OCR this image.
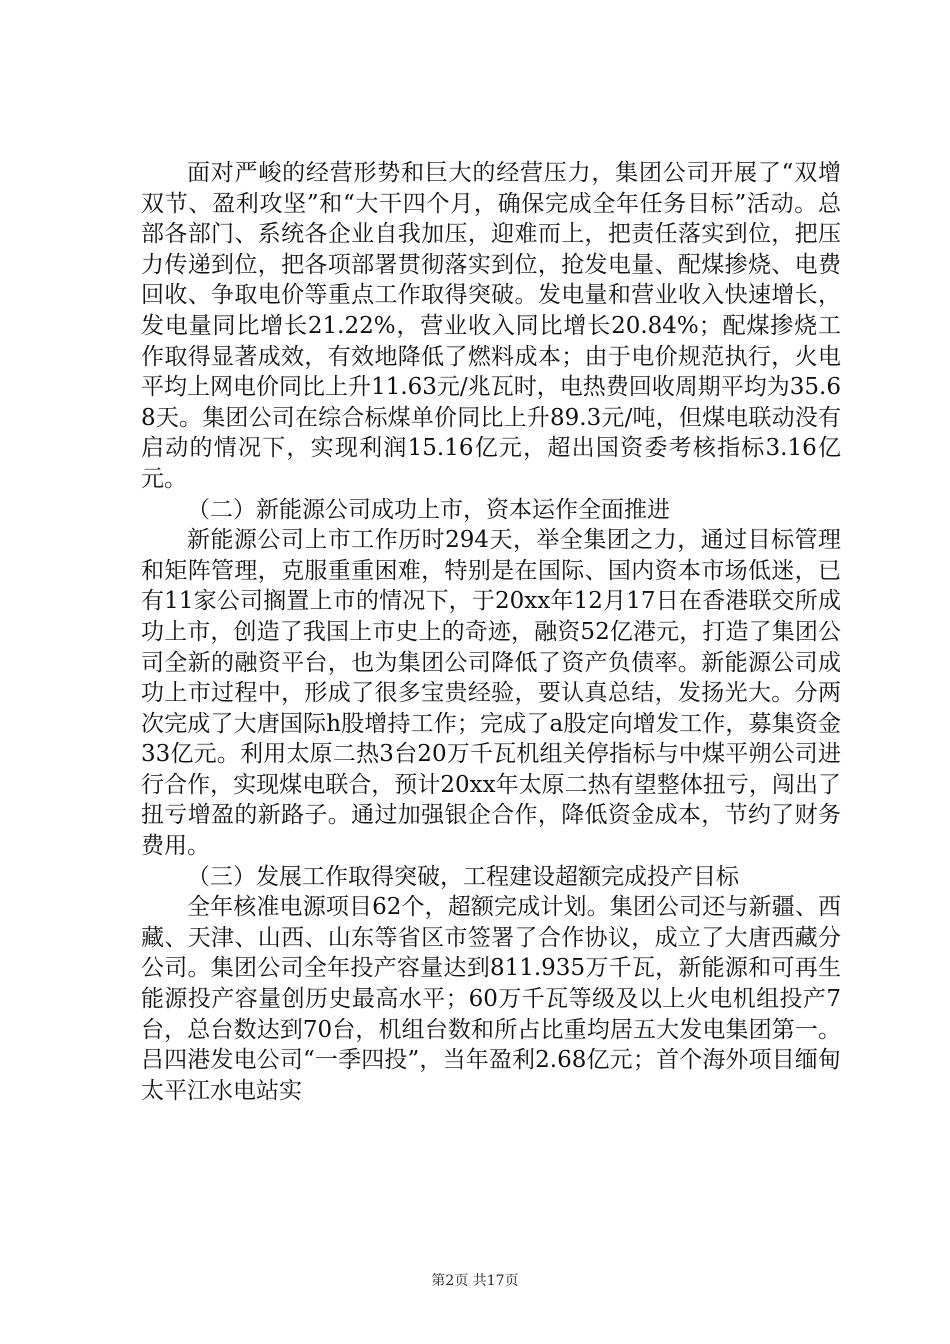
面对严峻的经营形势和巨大的经营压力，集团公司开展了“双增双节、盈利攻坚”和“大干四个月，确保完成全年任务目标”活动。总部各部门、系统各企业自我加压，迎难而上，把责任落实到位，把压力传递到位，把各项部署贯彻落实到位，抢发电量、配煤掺烧、电费回收、争取电价等重点工作取得突破。发电量和营业收入快速增长，发电量同比增长21.22%，营业收入同比增长20.84%；配煤掺烧工作取得显著成效，有效地降低了燃料成本；由于电价规范执行，火电平均上网电价同比上升11.63元/兆瓦时，电热费回收周期平均为35.68天。集团公司在综合标煤单价同比上升89.3元/吨，但煤电联动没有启动的情况下，实现利润15.16亿元，超出国资委考核指标3.16亿元。

（二）新能源公司成功上市，资本运作全面推进

新能源公司上市工作历时294天，举全集团之力，通过目标管理和矩阵管理，克服重重困难，特别是在国际、国内资本市场低迷，已有11家公司搁置上市的情况下，于20xx年12月17日在香港联交所成功上市，创造了我国上市史上的奇迹，融资52亿港元，打造了集团公司全新的融资平台，也为集团公司降低了资产负债率。新能源公司成功上市过程中，形成了很多宝贵经验，要认真总结，发扬光大。分两次完成了大唐国际h股增持工作；完成了a股定向增发工作，募集资金33亿元。利用太原二热3台20万千瓦机组关停指标与中煤平朔公司进行合作，实现煤电联合，预计20xx年太原二热有望整体扭亏，闯出了扭亏增盈的新路子。通过加强银企合作，降低资金成本，节约了财务费用。

（三）发展工作取得突破，工程建设超额完成投产目标

全年核准电源项目62个，超额完成计划。集团公司还与新疆、西藏、天津、山西、山东等省区市签署了合作协议，成立了大唐西藏分公司。集团公司全年投产容量达到811.935万千瓦，新能源和可再生能源投产容量创历史最高水平；60万千瓦等级及以上火电机组投产7台，总台数达到70台，机组台数和所占比重均居五大发电集团第一。吕四港发电公司“一季四投”，当年盈利2.68亿元；首个海外项目缅甸太平江水电站实

第2页 共17页
